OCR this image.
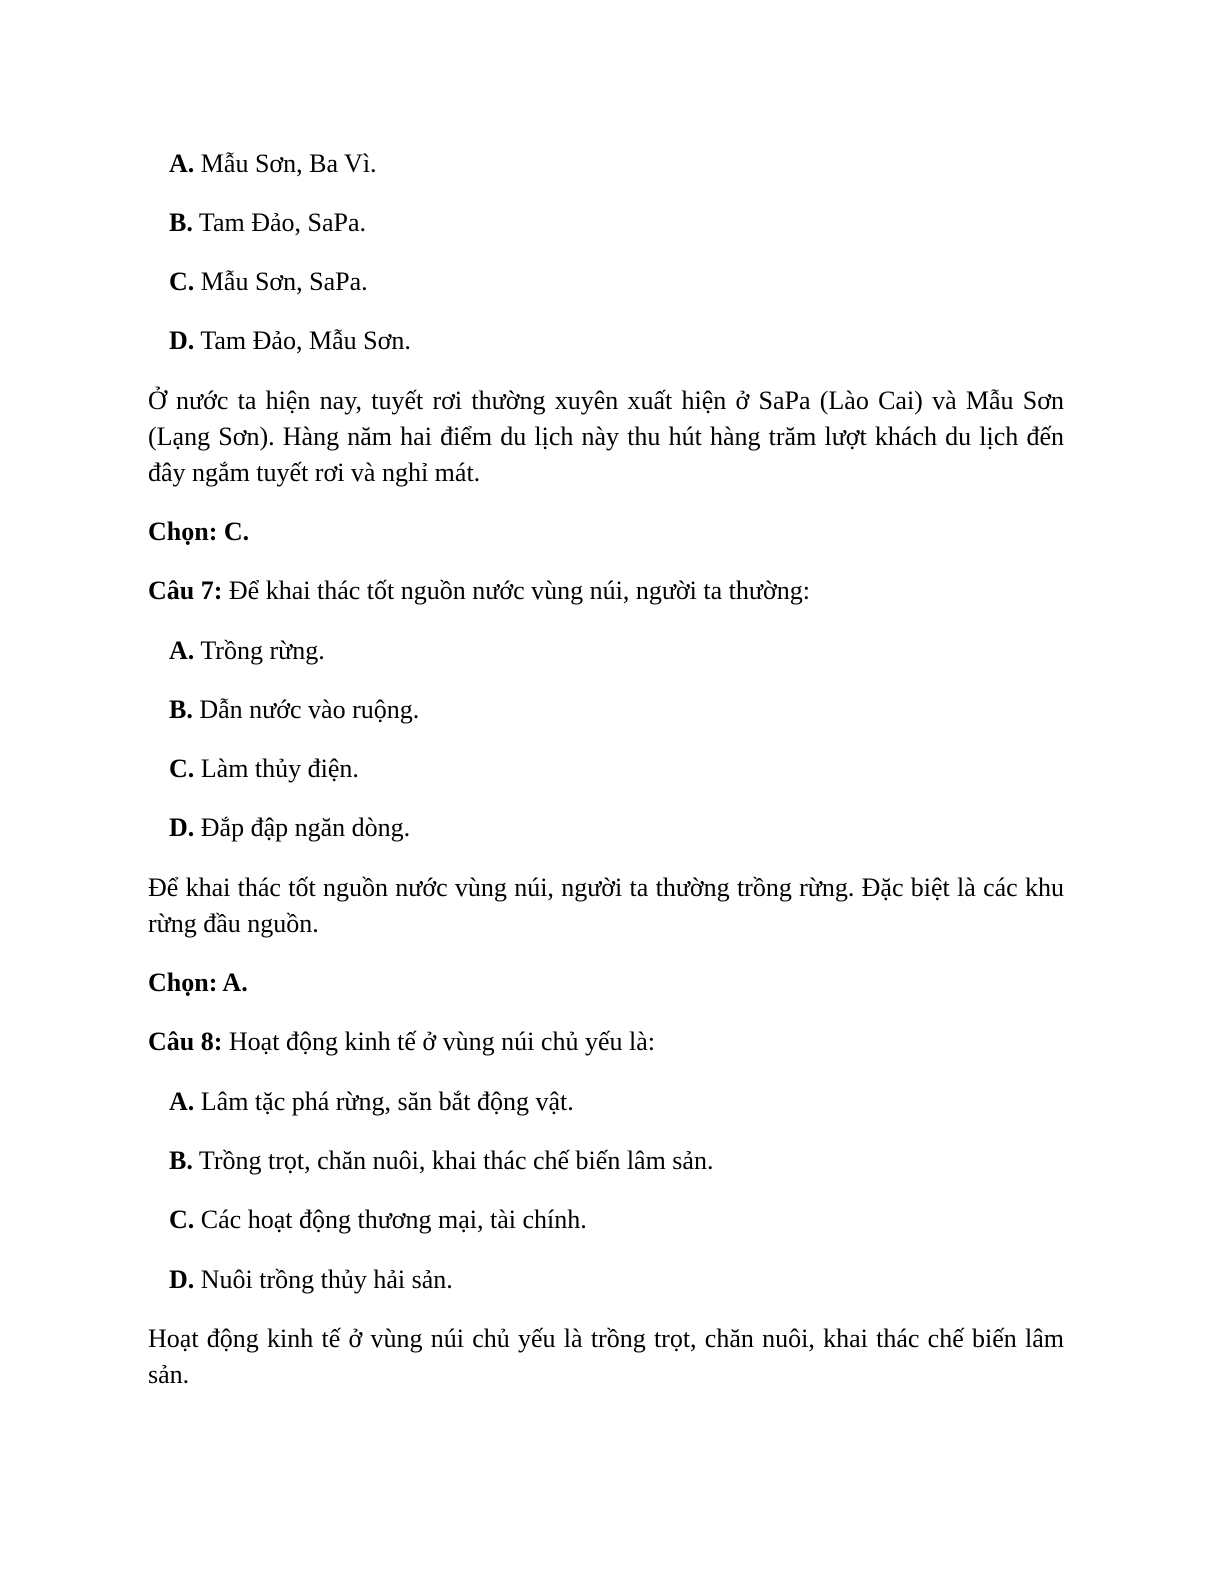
A. Mẫu Sơn, Ba Vì.
B. Tam Đảo, SaPa.
C. Mẫu Sơn, SaPa.
D. Tam Đảo, Mẫu Sơn.
Ở nước ta hiện nay, tuyết rơi thường xuyên xuất hiện ở SaPa (Lào Cai) và Mẫu Sơn (Lạng Sơn). Hàng năm hai điểm du lịch này thu hút hàng trăm lượt khách du lịch đến đây ngắm tuyết rơi và nghỉ mát.
Chọn: C.
Câu 7: Để khai thác tốt nguồn nước vùng núi, người ta thường:
A. Trồng rừng.
B. Dẫn nước vào ruộng.
C. Làm thủy điện.
D. Đắp đập ngăn dòng.
Để khai thác tốt nguồn nước vùng núi, người ta thường trồng rừng. Đặc biệt là các khu rừng đầu nguồn.
Chọn: A.
Câu 8: Hoạt động kinh tế ở vùng núi chủ yếu là:
A. Lâm tặc phá rừng, săn bắt động vật.
B. Trồng trọt, chăn nuôi, khai thác chế biến lâm sản.
C. Các hoạt động thương mại, tài chính.
D. Nuôi trồng thủy hải sản.
Hoạt động kinh tế ở vùng núi chủ yếu là trồng trọt, chăn nuôi, khai thác chế biến lâm sản.
